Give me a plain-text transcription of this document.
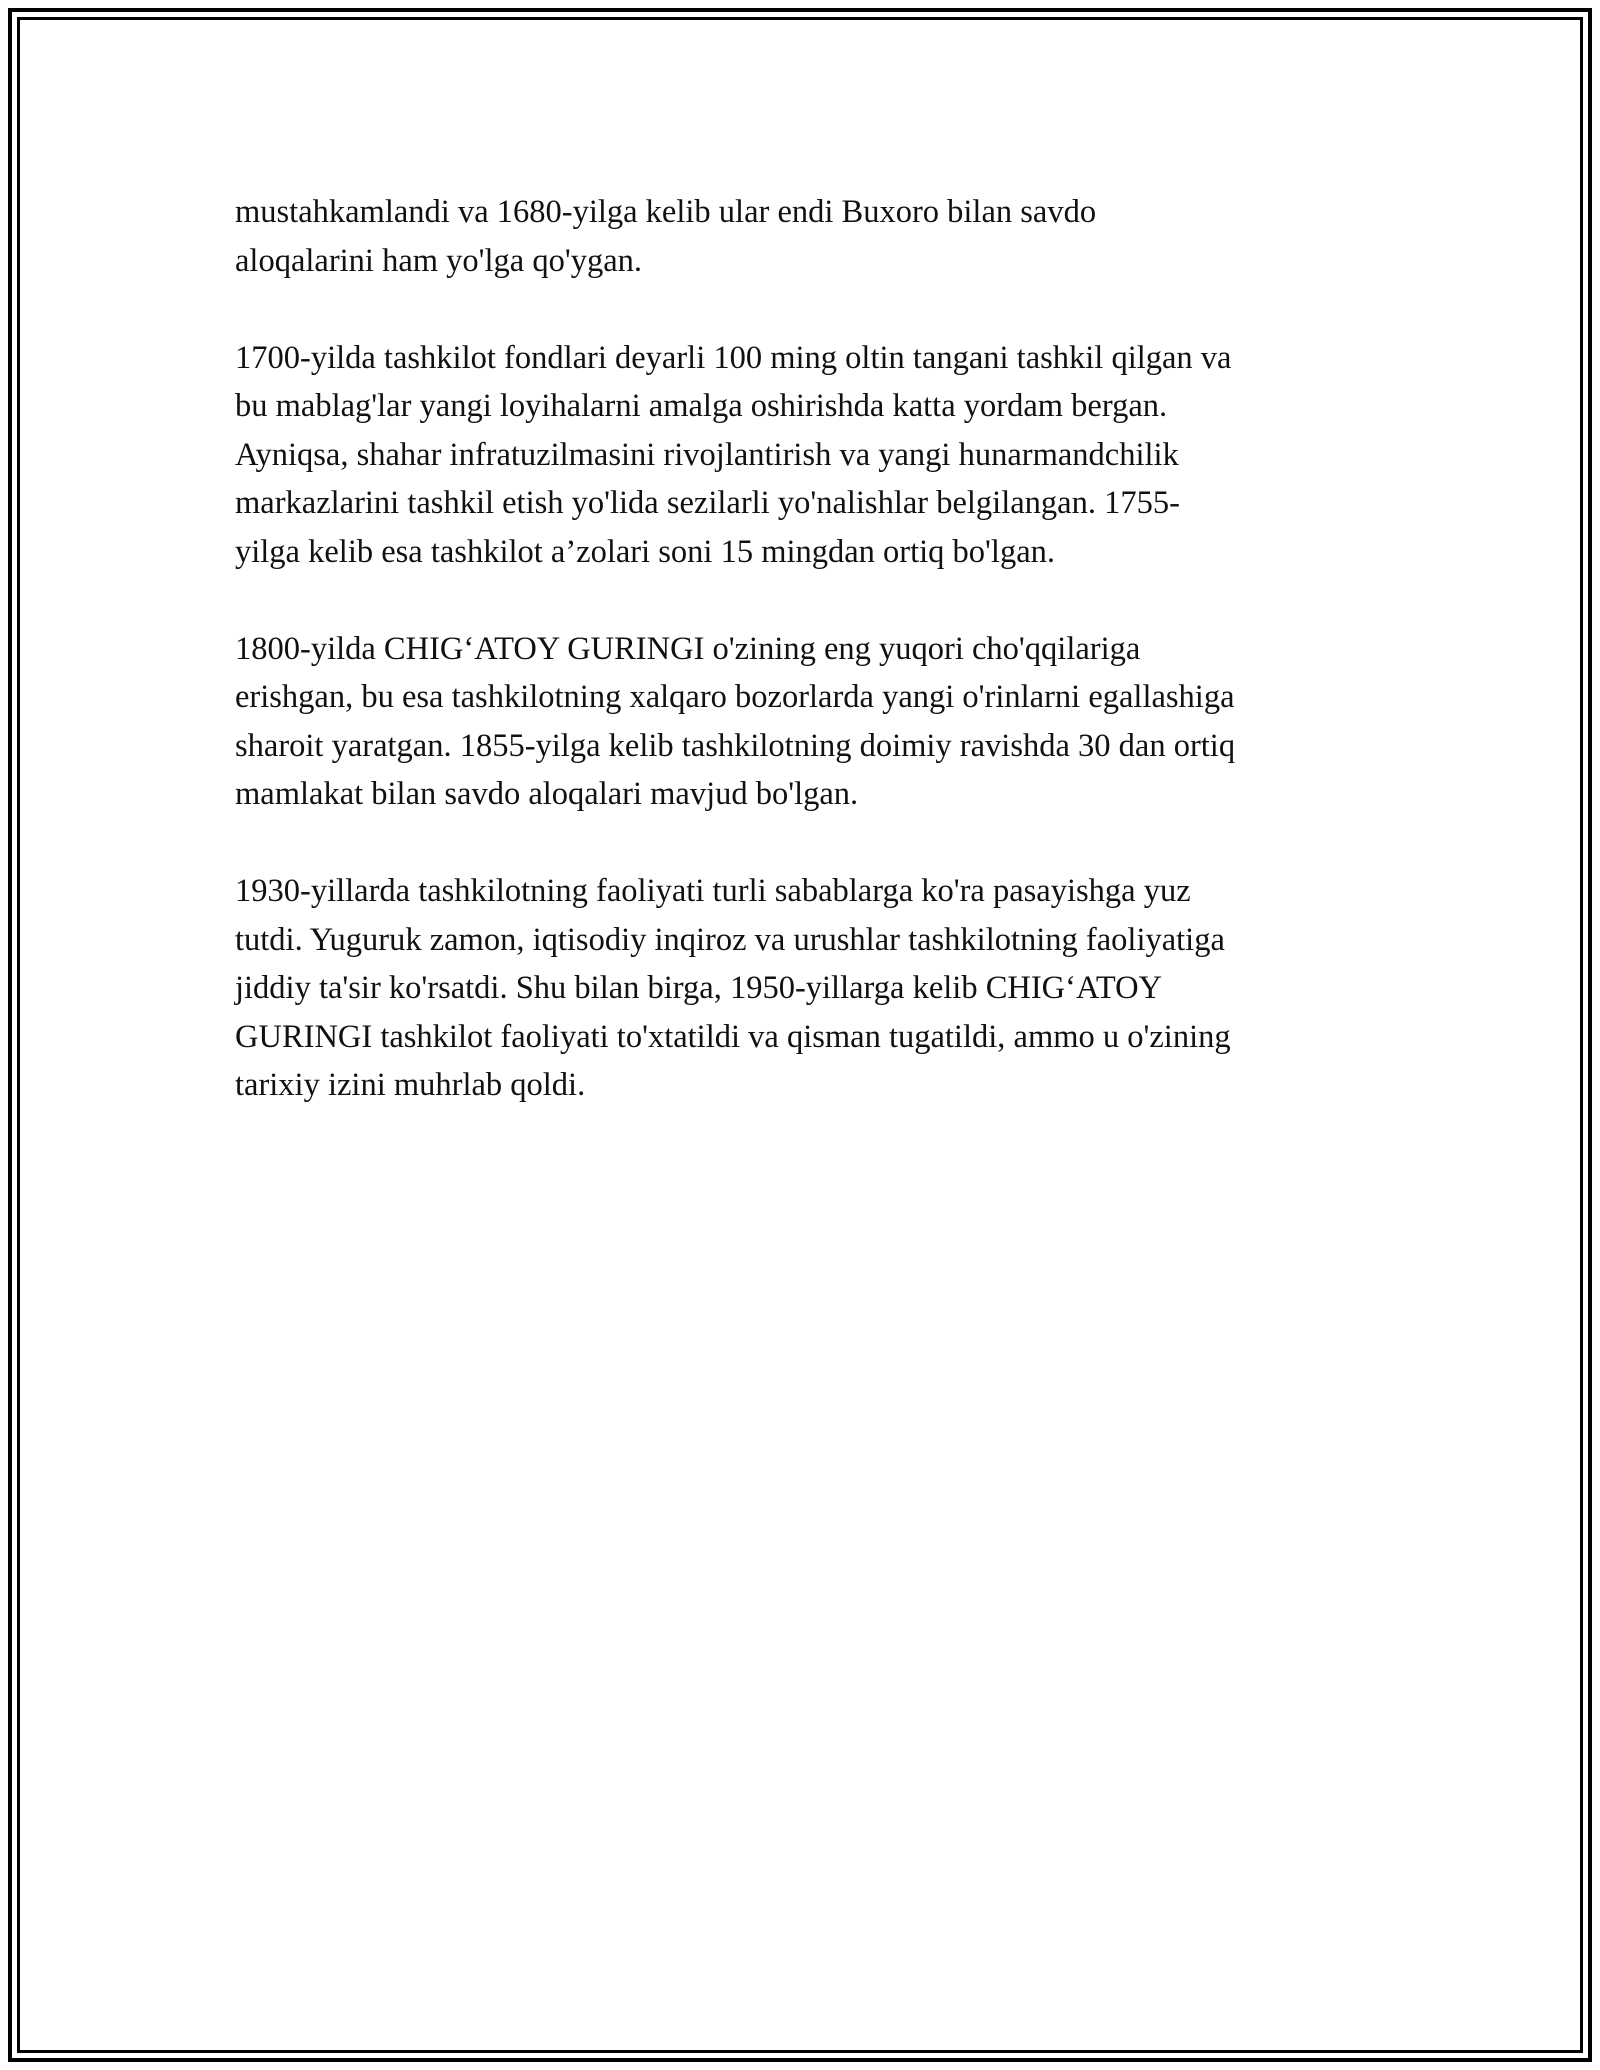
mustahkamlandi va 1680-yilga kelib ular endi Buxoro bilan savdo
aloqalarini ham yo'lga qo'ygan.

1700-yilda tashkilot fondlari deyarli 100 ming oltin tangani tashkil qilgan va
bu mablag'lar yangi loyihalarni amalga oshirishda katta yordam bergan.
Ayniqsa, shahar infratuzilmasini rivojlantirish va yangi hunarmandchilik
markazlarini tashkil etish yo'lida sezilarli yo'nalishlar belgilangan. 1755-
yilga kelib esa tashkilot a’zolari soni 15 mingdan ortiq bo'lgan.

1800-yilda CHIG‘ATOY GURINGI o'zining eng yuqori cho'qqilariga
erishgan, bu esa tashkilotning xalqaro bozorlarda yangi o'rinlarni egallashiga
sharoit yaratgan. 1855-yilga kelib tashkilotning doimiy ravishda 30 dan ortiq
mamlakat bilan savdo aloqalari mavjud bo'lgan.

1930-yillarda tashkilotning faoliyati turli sabablarga ko'ra pasayishga yuz
tutdi. Yuguruk zamon, iqtisodiy inqiroz va urushlar tashkilotning faoliyatiga
jiddiy ta'sir ko'rsatdi. Shu bilan birga, 1950-yillarga kelib CHIG‘ATOY
GURINGI tashkilot faoliyati to'xtatildi va qisman tugatildi, ammo u o'zining
tarixiy izini muhrlab qoldi.
